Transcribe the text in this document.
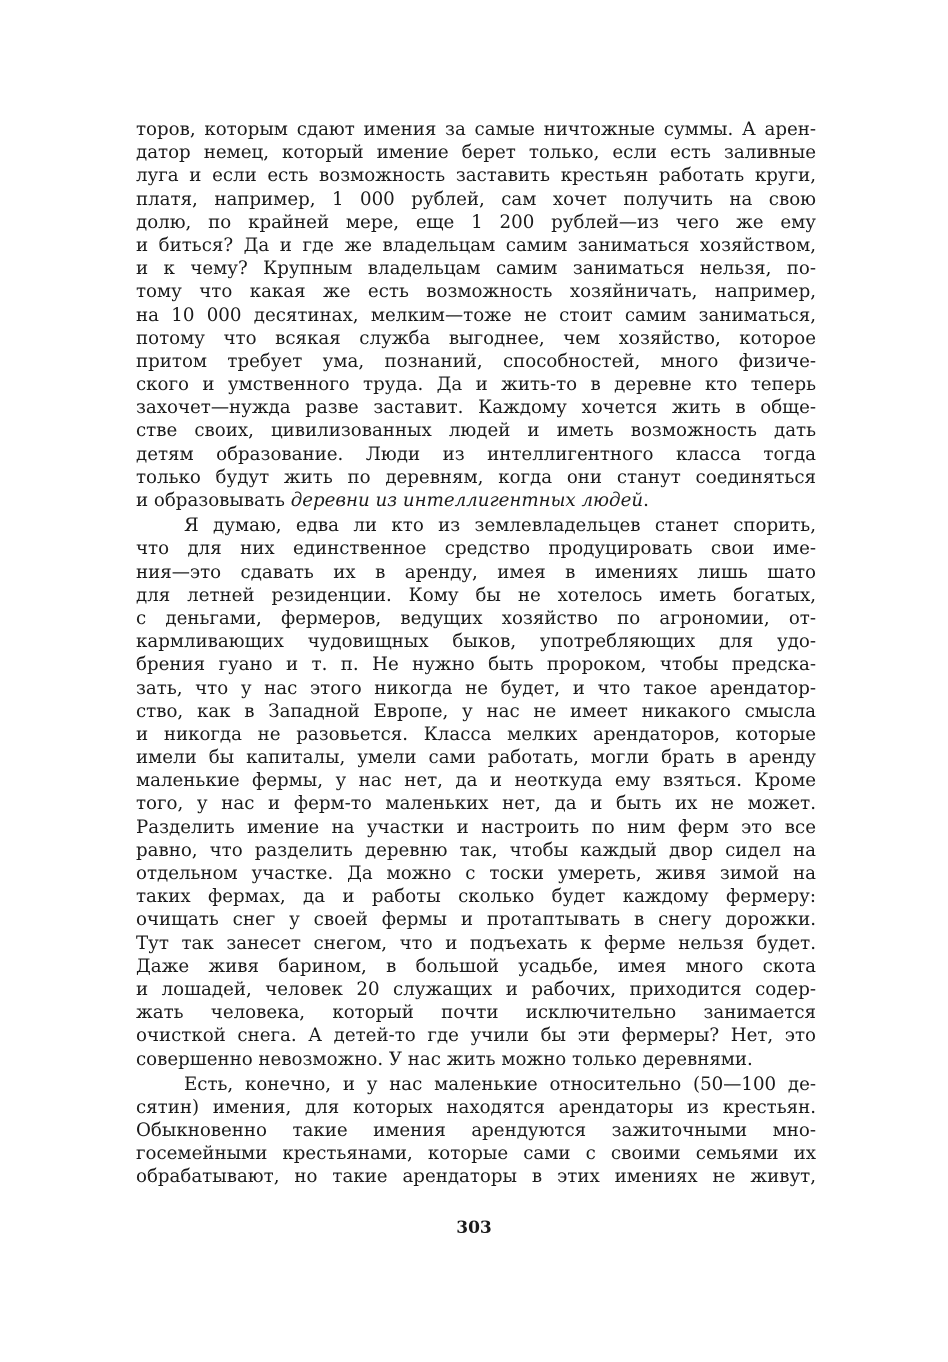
торов, которым сдают имения за самые ничтожные суммы. А арен-
датор немец, который имение берет только, если есть заливные
луга и если есть возможность заставить крестьян работать круги,
платя, например, 1 000 рублей, сам хочет получить на свою
долю, по крайней мере, еще 1 200 рублей—из чего же ему
и биться? Да и где же владельцам самим заниматься хозяйством,
и к чему? Крупным владельцам самим заниматься нельзя, по-
тому что какая же есть возможность хозяйничать, например,
на 10 000 десятинах, мелким—тоже не стоит самим заниматься,
потому что всякая служба выгоднее, чем хозяйство, которое
притом требует ума, познаний, способностей, много физиче-
ского и умственного труда. Да и жить-то в деревне кто теперь
захочет—нужда разве заставит. Каждому хочется жить в обще-
стве своих, цивилизованных людей и иметь возможность дать
детям образование. Люди из интеллигентного класса тогда
только будут жить по деревням, когда они станут соединяться
и образовывать деревни из интеллигентных людей.
Я думаю, едва ли кто из землевладельцев станет спорить,
что для них единственное средство продуцировать свои име-
ния—это сдавать их в аренду, имея в имениях лишь шато
для летней резиденции. Кому бы не хотелось иметь богатых,
с деньгами, фермеров, ведущих хозяйство по агрономии, от-
кармливающих чудовищных быков, употребляющих для удо-
брения гуано и т. п. Не нужно быть пророком, чтобы предска-
зать, что у нас этого никогда не будет, и что такое арендатор-
ство, как в Западной Европе, у нас не имеет никакого смысла
и никогда не разовьется. Класса мелких арендаторов, которые
имели бы капиталы, умели сами работать, могли брать в аренду
маленькие фермы, у нас нет, да и неоткуда ему взяться. Кроме
того, у нас и ферм-то маленьких нет, да и быть их не может.
Разделить имение на участки и настроить по ним ферм это все
равно, что разделить деревню так, чтобы каждый двор сидел на
отдельном участке. Да можно с тоски умереть, живя зимой на
таких фермах, да и работы сколько будет каждому фермеру:
очищать снег у своей фермы и протаптывать в снегу дорожки.
Тут так занесет снегом, что и подъехать к ферме нельзя будет.
Даже живя барином, в большой усадьбе, имея много скота
и лошадей, человек 20 служащих и рабочих, приходится содер-
жать человека, который почти исключительно занимается
очисткой снега. А детей-то где учили бы эти фермеры? Нет, это
совершенно невозможно. У нас жить можно только деревнями.
Есть, конечно, и у нас маленькие относительно (50—100 де-
сятин) имения, для которых находятся арендаторы из крестьян.
Обыкновенно такие имения арендуются зажиточными мно-
госемейными крестьянами, которые сами с своими семьями их
обрабатывают, но такие арендаторы в этих имениях не живут,
303
